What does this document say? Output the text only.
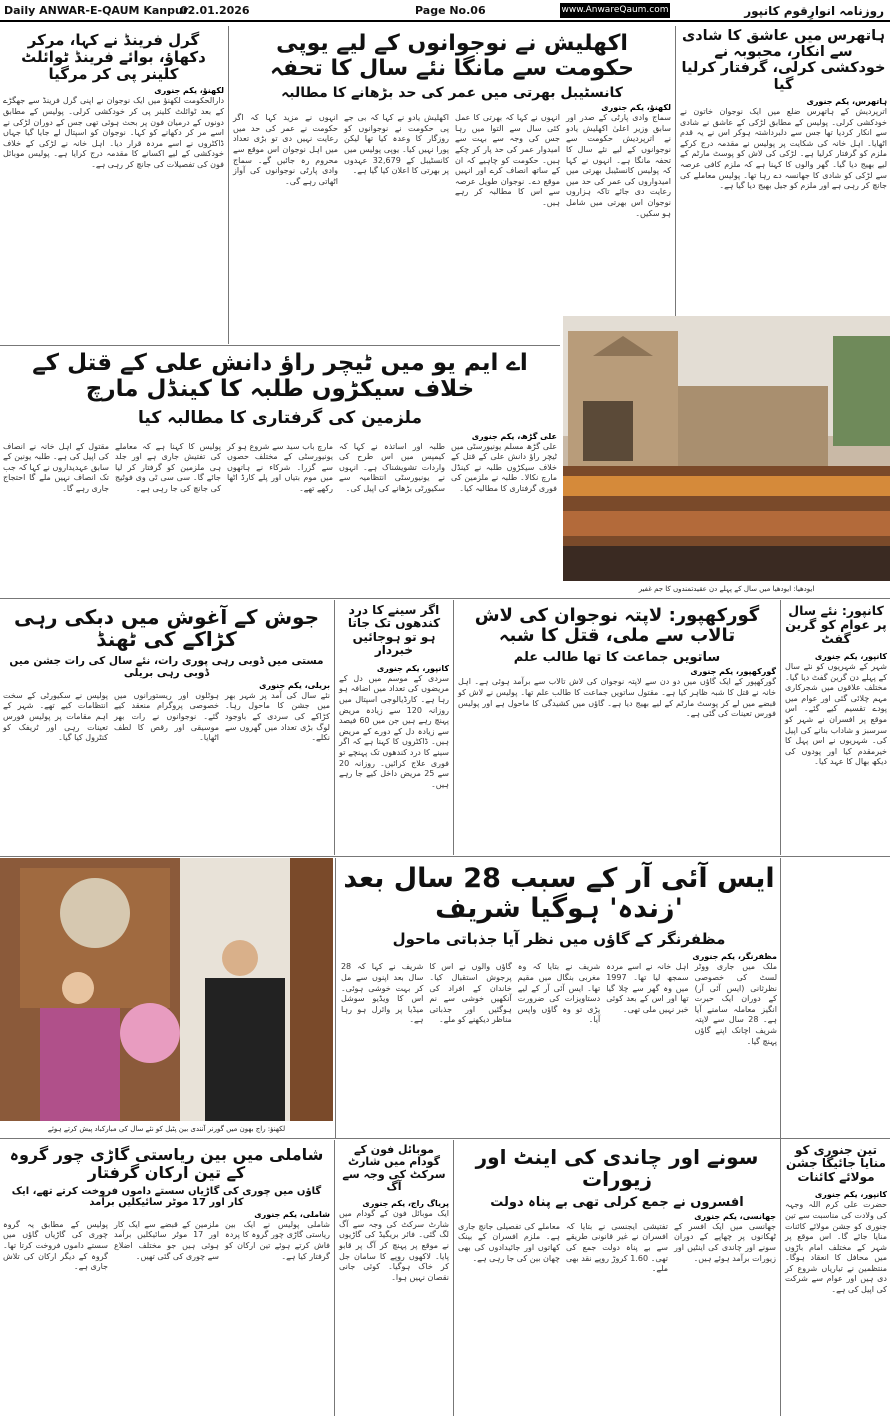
Daily ANWAR-E-QAUM Kanpur
02.01.2026	Page No.06	www.AnwareQaum.com	روزنامہ انوارِقوم کانپور
ہاتھرس میں عاشق کا شادی سے انکار، محبوبہ نے خودکشی کرلی، گرفتار کرلیا گیا
ہاتھرس، یکم جنوری
اترپردیش کے ہاتھرس ضلع میں ایک نوجوان خاتون نے خودکشی کرلی۔ پولیس کے مطابق لڑکی کے عاشق نے شادی سے انکار کردیا تھا جس سے دلبرداشتہ ہوکر اس نے یہ قدم اٹھایا۔ اہل خانہ کی شکایت پر پولیس نے مقدمہ درج کرکے ملزم کو گرفتار کرلیا ہے۔ لڑکی کی لاش کو پوسٹ مارٹم کے لیے بھیج دیا گیا۔ گھر والوں کا کہنا ہے کہ ملزم کافی عرصہ سے لڑکی کو شادی کا جھانسہ دے رہا تھا۔ پولیس معاملے کی جانچ کر رہی ہے اور ملزم کو جیل بھیج دیا گیا ہے۔
اکھلیش نے نوجوانوں کے لیے یوپی حکومت سے مانگا نئے سال کا تحفہ
کانسٹیبل بھرتی میں عمر کی حد بڑھانے کا مطالبہ
لکھنؤ، یکم جنوری
سماج وادی پارٹی کے صدر اور سابق وزیر اعلیٰ اکھلیش یادو نے اترپردیش حکومت سے نوجوانوں کے لیے نئے سال کا تحفہ مانگا ہے۔ انہوں نے کہا کہ پولیس کانسٹیبل بھرتی میں امیدواروں کی عمر کی حد میں رعایت دی جائے تاکہ ہزاروں نوجوان اس بھرتی میں شامل ہو سکیں۔
انہوں نے کہا کہ بھرتی کا عمل کئی سال سے التوا میں رہا جس کی وجہ سے بہت سے امیدوار عمر کی حد پار کر چکے ہیں۔ حکومت کو چاہیے کہ ان کے ساتھ انصاف کرے اور انہیں موقع دے۔ نوجوان طویل عرصہ سے اس کا مطالبہ کر رہے ہیں۔
اکھلیش یادو نے کہا کہ بی جے پی حکومت نے نوجوانوں کو روزگار کا وعدہ کیا تھا لیکن پورا نہیں کیا۔ یوپی پولیس میں کانسٹیبل کے 32,679 عہدوں پر بھرتی کا اعلان کیا گیا ہے۔
انہوں نے مزید کہا کہ اگر حکومت نے عمر کی حد میں رعایت نہیں دی تو بڑی تعداد میں اہل نوجوان اس موقع سے محروم رہ جائیں گے۔ سماج وادی پارٹی نوجوانوں کی آواز اٹھاتی رہے گی۔
گرل فرینڈ نے کہا، مرکر دکھاؤ، بوائے فرینڈ ٹوائلٹ کلینر پی کر مرگیا
لکھنؤ، یکم جنوری
دارالحکومت لکھنؤ میں ایک نوجوان نے اپنی گرل فرینڈ سے جھگڑے کے بعد ٹوائلٹ کلینر پی کر خودکشی کرلی۔ پولیس کے مطابق دونوں کے درمیان فون پر بحث ہوئی تھی جس کے دوران لڑکی نے اسے مر کر دکھانے کو کہا۔ نوجوان کو اسپتال لے جایا گیا جہاں ڈاکٹروں نے اسے مردہ قرار دیا۔ اہل خانہ نے لڑکی کے خلاف خودکشی کے لیے اکسانے کا مقدمہ درج کرایا ہے۔ پولیس موبائل فون کی تفصیلات کی جانچ کر رہی ہے۔
اے ایم یو میں ٹیچر راؤ دانش علی کے قتل کے خلاف سیکڑوں طلبہ کا کینڈل مارچ
ملزمین کی گرفتاری کا مطالبہ کیا
علی گڑھ، یکم جنوری
علی گڑھ مسلم یونیورسٹی میں ٹیچر راؤ دانش علی کے قتل کے خلاف سیکڑوں طلبہ نے کینڈل مارچ نکالا۔ طلبہ نے ملزمین کی فوری گرفتاری کا مطالبہ کیا۔
طلبہ اور اساتذہ نے کہا کہ کیمپس میں اس طرح کی واردات تشویشناک ہے۔ انہوں نے یونیورسٹی انتظامیہ سے سکیورٹی بڑھانے کی اپیل کی۔
مارچ باب سید سے شروع ہو کر یونیورسٹی کے مختلف حصوں سے گزرا۔ شرکاء نے ہاتھوں میں موم بتیاں اور پلے کارڈ اٹھا رکھے تھے۔
پولیس کا کہنا ہے کہ معاملے کی تفتیش جاری ہے اور جلد ہی ملزمین کو گرفتار کر لیا جائے گا۔ سی سی ٹی وی فوٹیج کی جانچ کی جا رہی ہے۔
مقتول کے اہل خانہ نے انصاف کی اپیل کی ہے۔ طلبہ یونین کے سابق عہدیداروں نے کہا کہ جب تک انصاف نہیں ملے گا احتجاج جاری رہے گا۔
ایودھیا: ایودھیا میں سال کے پہلے دن عقیدتمندوں کا جم غفیر
کانپور: نئے سال پر عوام کو گرین گفٹ
کانپور، یکم جنوری
شہر کے شہریوں کو نئے سال کے پہلے دن گرین گفٹ دیا گیا۔ مختلف علاقوں میں شجرکاری مہم چلائی گئی اور عوام میں پودے تقسیم کیے گئے۔ اس موقع پر افسران نے شہر کو سرسبز و شاداب بنانے کی اپیل کی۔ شہریوں نے اس پہل کا خیرمقدم کیا اور پودوں کی دیکھ بھال کا عہد کیا۔
گورکھپور: لاپتہ نوجوان کی لاش تالاب سے ملی، قتل کا شبہ
ساتویں جماعت کا تھا طالب علم
گورکھپور، یکم جنوری
گورکھپور کے ایک گاؤں میں دو دن سے لاپتہ نوجوان کی لاش تالاب سے برآمد ہوئی ہے۔ اہل خانہ نے قتل کا شبہ ظاہر کیا ہے۔ مقتول ساتویں جماعت کا طالب علم تھا۔ پولیس نے لاش کو قبضے میں لے کر پوسٹ مارٹم کے لیے بھیج دیا ہے۔ گاؤں میں کشیدگی کا ماحول ہے اور پولیس فورس تعینات کی گئی ہے۔
اگر سینے کا درد کندھوں تک جاتا ہو تو ہوجائیں خبردار
کانپور، یکم جنوری
سردی کے موسم میں دل کے مریضوں کی تعداد میں اضافہ ہو رہا ہے۔ کارڈیالوجی اسپتال میں روزانہ 120 سے زیادہ مریض پہنچ رہے ہیں جن میں 60 فیصد سے زیادہ دل کے دورے کے مریض ہیں۔ ڈاکٹروں کا کہنا ہے کہ اگر سینے کا درد کندھوں تک پہنچے تو فوری علاج کرائیں۔ روزانہ 20 سے 25 مریض داخل کیے جا رہے ہیں۔
جوش کے آغوش میں دبکی رہی کڑاکے کی ٹھنڈ
مستی میں ڈوبی رہی پوری رات، نئے سال کی رات جشن میں ڈوبی رہی بریلی
بریلی، یکم جنوری
نئے سال کی آمد پر شہر بھر میں جشن کا ماحول رہا۔ کڑاکے کی سردی کے باوجود لوگ بڑی تعداد میں گھروں سے نکلے۔
ہوٹلوں اور ریستورانوں میں خصوصی پروگرام منعقد کیے گئے۔ نوجوانوں نے رات بھر موسیقی اور رقص کا لطف اٹھایا۔
پولیس نے سکیورٹی کے سخت انتظامات کیے تھے۔ شہر کے اہم مقامات پر پولیس فورس تعینات رہی اور ٹریفک کو کنٹرول کیا گیا۔
لکھنؤ: راج بھون میں گورنر آنندی بین پٹیل کو نئے سال کی مبارکباد پیش کرتے ہوئے
ایس آئی آر کے سبب 28 سال بعد 'زندہ' ہوگیا شریف
مظفرنگر کے گاؤں میں نظر آیا جذباتی ماحول
مظفرنگر، یکم جنوری
ملک میں جاری ووٹر لسٹ کی خصوصی نظرثانی (ایس آئی آر) کے دوران ایک حیرت انگیز معاملہ سامنے آیا ہے۔ 28 سال سے لاپتہ شریف اچانک اپنے گاؤں پہنچ گیا۔
اہل خانہ نے اسے مردہ سمجھ لیا تھا۔ 1997 میں وہ گھر سے چلا گیا تھا اور اس کے بعد کوئی خبر نہیں ملی تھی۔
شریف نے بتایا کہ وہ مغربی بنگال میں مقیم تھا۔ ایس آئی آر کے لیے دستاویزات کی ضرورت پڑی تو وہ گاؤں واپس آیا۔
گاؤں والوں نے اس کا پرجوش استقبال کیا۔ خاندان کے افراد کی آنکھیں خوشی سے نم ہوگئیں اور جذباتی مناظر دیکھنے کو ملے۔
شریف نے کہا کہ 28 سال بعد اپنوں سے مل کر بہت خوشی ہوئی۔ اس کا ویڈیو سوشل میڈیا پر وائرل ہو رہا ہے۔
تین جنوری کو منایا جائیگا جشن مولائے کائنات
کانپور، یکم جنوری
حضرت علی کرم اللہ وجہہ کی ولادت کی مناسبت سے تین جنوری کو جشن مولائے کائنات منایا جائے گا۔ اس موقع پر شہر کے مختلف امام باڑوں میں محافل کا انعقاد ہوگا۔ منتظمین نے تیاریاں شروع کر دی ہیں اور عوام سے شرکت کی اپیل کی ہے۔
سونے اور چاندی کی اینٹ اور زیورات
افسروں نے جمع کرلی تھی بے پناہ دولت
جھانسی، یکم جنوری
جھانسی میں ایک افسر کے ٹھکانوں پر چھاپے کے دوران سونے اور چاندی کی اینٹیں اور زیورات برآمد ہوئے ہیں۔
تفتیشی ایجنسی نے بتایا کہ افسران نے غیر قانونی طریقے سے بے پناہ دولت جمع کی تھی۔ 1.60 کروڑ روپے نقد بھی ملے۔
معاملے کی تفصیلی جانچ جاری ہے۔ ملزم افسران کے بینک کھاتوں اور جائیدادوں کی بھی چھان بین کی جا رہی ہے۔
موبائل فون کے گودام میں شارٹ سرکٹ کی وجہ سے آگ
پریاگ راج، یکم جنوری
ایک موبائل فون کے گودام میں شارٹ سرکٹ کی وجہ سے آگ لگ گئی۔ فائر بریگیڈ کی گاڑیوں نے موقع پر پہنچ کر آگ پر قابو پایا۔ لاکھوں روپے کا سامان جل کر خاک ہوگیا۔ کوئی جانی نقصان نہیں ہوا۔
شاملی میں بین ریاستی گاڑی چور گروہ کے تین ارکان گرفتار
گاؤں میں چوری کی گاڑیاں سستے داموں فروخت کرتے تھے، ایک کار اور 17 موٹر سائیکلیں برآمد
شاملی، یکم جنوری
شاملی پولیس نے ایک بین ریاستی گاڑی چور گروہ کا پردہ فاش کرتے ہوئے تین ارکان کو گرفتار کیا ہے۔
ملزمین کے قبضے سے ایک کار اور 17 موٹر سائیکلیں برآمد ہوئی ہیں جو مختلف اضلاع سے چوری کی گئی تھیں۔
پولیس کے مطابق یہ گروہ چوری کی گاڑیاں گاؤں میں سستے داموں فروخت کرتا تھا۔ گروہ کے دیگر ارکان کی تلاش جاری ہے۔
